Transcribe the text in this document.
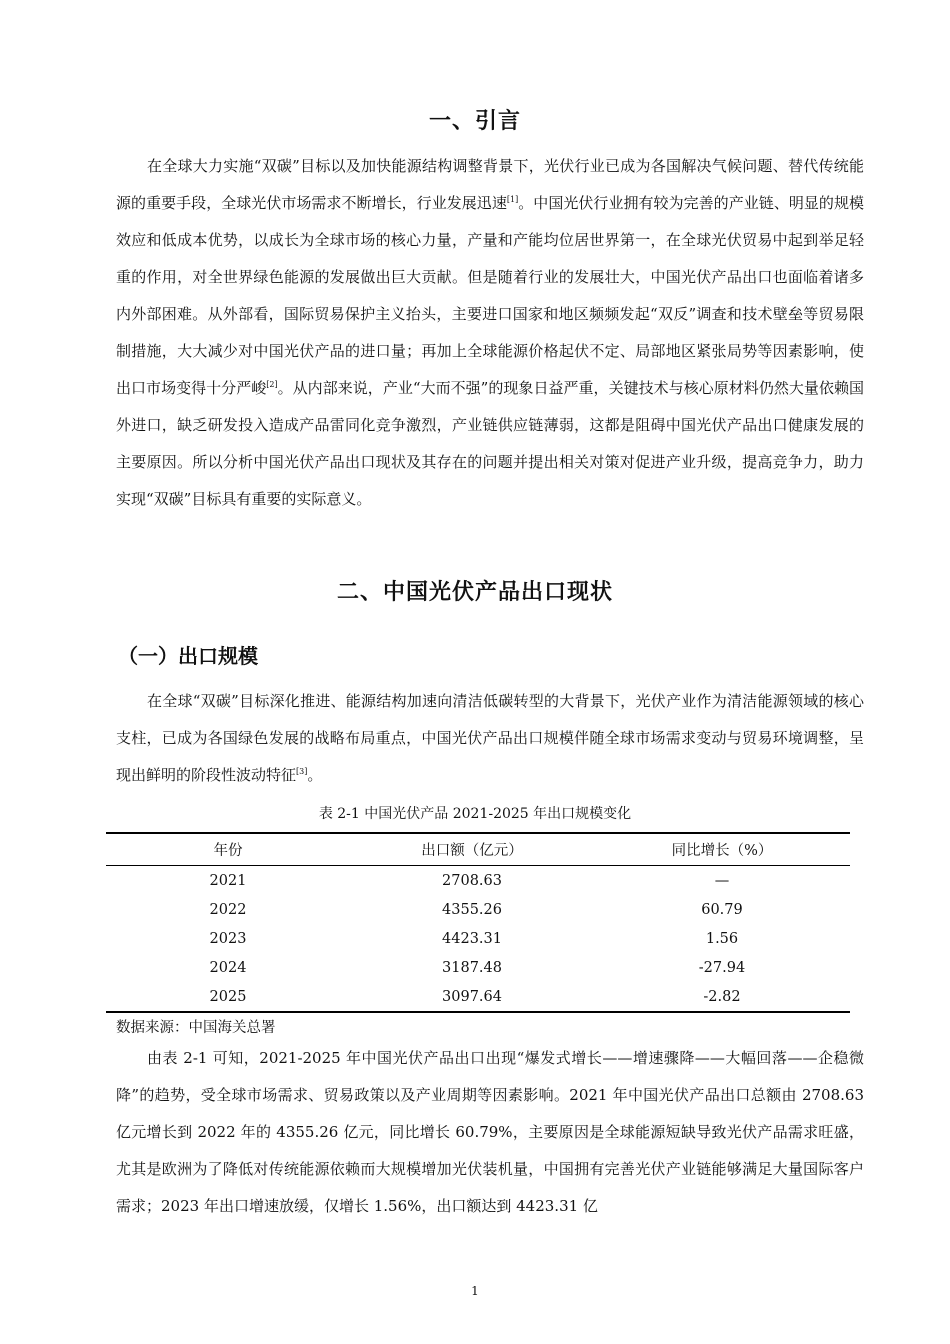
一、引言

在全球大力实施“双碳”目标以及加快能源结构调整背景下，光伏行业已成为各国解决气候问题、替代传统能源的重要手段，全球光伏市场需求不断增长，行业发展迅速[1]。中国光伏行业拥有较为完善的产业链、明显的规模效应和低成本优势，以成长为全球市场的核心力量，产量和产能均位居世界第一，在全球光伏贸易中起到举足轻重的作用，对全世界绿色能源的发展做出巨大贡献。但是随着行业的发展壮大，中国光伏产品出口也面临着诸多内外部困难。从外部看，国际贸易保护主义抬头，主要进口国家和地区频频发起“双反”调查和技术壁垒等贸易限制措施，大大减少对中国光伏产品的进口量；再加上全球能源价格起伏不定、局部地区紧张局势等因素影响，使出口市场变得十分严峻[2]。从内部来说，产业“大而不强”的现象日益严重，关键技术与核心原材料仍然大量依赖国外进口，缺乏研发投入造成产品雷同化竞争激烈，产业链供应链薄弱，这都是阻碍中国光伏产品出口健康发展的主要原因。所以分析中国光伏产品出口现状及其存在的问题并提出相关对策对促进产业升级，提高竞争力，助力实现“双碳”目标具有重要的实际意义。

二、中国光伏产品出口现状
（一）出口规模

在全球“双碳”目标深化推进、能源结构加速向清洁低碳转型的大背景下，光伏产业作为清洁能源领域的核心支柱，已成为各国绿色发展的战略布局重点，中国光伏产品出口规模伴随全球市场需求变动与贸易环境调整，呈现出鲜明的阶段性波动特征[3]。

表 2-1 中国光伏产品 2021-2025 年出口规模变化
年份	出口额（亿元）	同比增长（%）
2021	2708.63	—
2022	4355.26	60.79
2023	4423.31	1.56
2024	3187.48	-27.94
2025	3097.64	-2.82
数据来源：中国海关总署

由表 2-1 可知，2021-2025 年中国光伏产品出口出现“爆发式增长——增速骤降——大幅回落——企稳微降”的趋势，受全球市场需求、贸易政策以及产业周期等因素影响。2021 年中国光伏产品出口总额由 2708.63 亿元增长到 2022 年的 4355.26 亿元，同比增长 60.79%，主要原因是全球能源短缺导致光伏产品需求旺盛，尤其是欧洲为了降低对传统能源依赖而大规模增加光伏装机量，中国拥有完善光伏产业链能够满足大量国际客户需求；2023 年出口增速放缓，仅增长 1.56%，出口额达到 4423.31 亿

1
